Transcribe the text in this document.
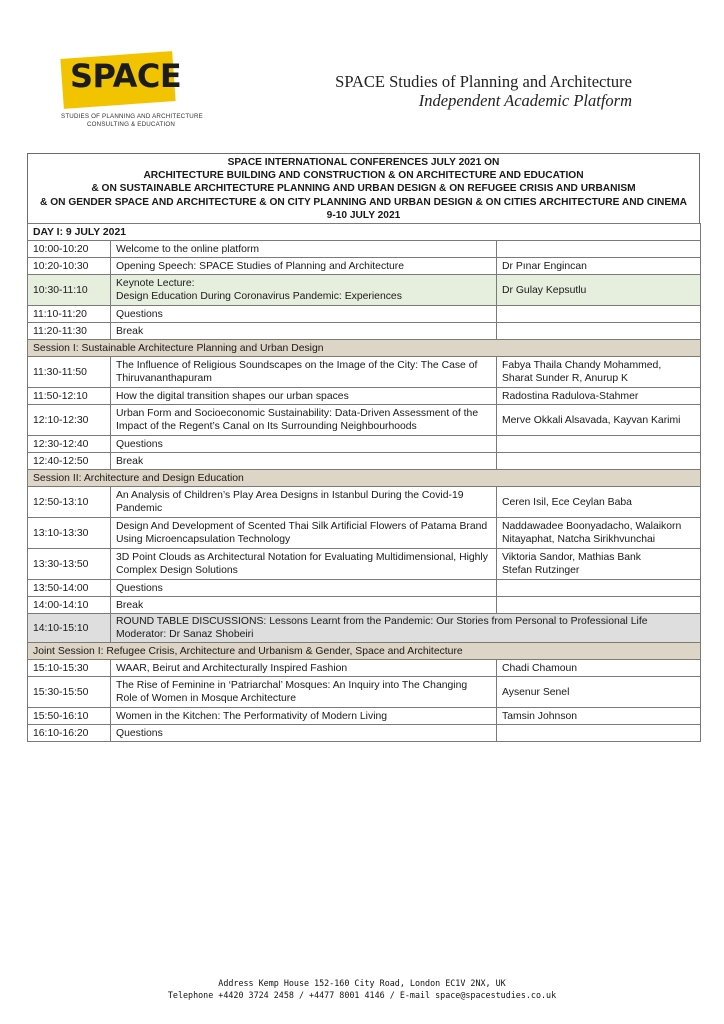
SPACE
STUDIES OF PLANNING AND ARCHITECTURE
CONSULTING & EDUCATION
SPACE Studies of Planning and Architecture
Independent Academic Platform
SPACE INTERNATIONAL CONFERENCES JULY 2021 ON
ARCHITECTURE BUILDING AND CONSTRUCTION & ON ARCHITECTURE AND EDUCATION
& ON SUSTAINABLE ARCHITECTURE PLANNING AND URBAN DESIGN & ON REFUGEE CRISIS AND URBANISM
& ON GENDER SPACE AND ARCHITECTURE & ON CITY PLANNING AND URBAN DESIGN & ON CITIES ARCHITECTURE AND CINEMA
9-10 JULY 2021
DAY I: 9 JULY 2021		
10:00-10:20	Welcome to the online platform	
10:20-10:30	Opening Speech: SPACE Studies of Planning and Architecture	Dr Pınar Engincan
10:30-11:10	Keynote Lecture:
Design Education During Coronavirus Pandemic: Experiences	Dr Gulay Kepsutlu
11:10-11:20	Questions	
11:20-11:30	Break	
Session I: Sustainable Architecture Planning and Urban Design		
11:30-11:50	The Influence of Religious Soundscapes on the Image of the City: The Case of Thiruvananthapuram	Fabya Thaila Chandy Mohammed,
Sharat Sunder R, Anurup K
11:50-12:10	How the digital transition shapes our urban spaces	Radostina Radulova-Stahmer
12:10-12:30	Urban Form and Socioeconomic Sustainability: Data-Driven Assessment of the Impact of the Regent’s Canal on Its Surrounding Neighbourhoods	Merve Okkali Alsavada, Kayvan Karimi
12:30-12:40	Questions	
12:40-12:50	Break	
Session II: Architecture and Design Education		
12:50-13:10	An Analysis of Children’s Play Area Designs in Istanbul During the Covid-19 Pandemic	Ceren Isil, Ece Ceylan Baba
13:10-13:30	Design And Development of Scented Thai Silk Artificial Flowers of Patama Brand Using Microencapsulation Technology	Naddawadee Boonyadacho, Walaikorn Nitayaphat, Natcha Sirikhvunchai
13:30-13:50	3D Point Clouds as Architectural Notation for Evaluating Multidimensional, Highly Complex Design Solutions	Viktoria Sandor, Mathias Bank
Stefan Rutzinger
13:50-14:00	Questions	
14:00-14:10	Break	
14:10-15:10	ROUND TABLE DISCUSSIONS: Lessons Learnt from the Pandemic: Our Stories from Personal to Professional Life
Moderator: Dr Sanaz Shobeiri	
Joint Session I: Refugee Crisis, Architecture and Urbanism & Gender, Space and Architecture		
15:10-15:30	WAAR, Beirut and Architecturally Inspired Fashion	Chadi Chamoun
15:30-15:50	The Rise of Feminine in ‘Patriarchal’ Mosques: An Inquiry into The Changing Role of Women in Mosque Architecture	Aysenur Senel
15:50-16:10	Women in the Kitchen: The Performativity of Modern Living	Tamsin Johnson
16:10-16:20	Questions	
Address Kemp House 152-160 City Road, London EC1V 2NX, UK
Telephone +4420 3724 2458 / +4477 8001 4146 / E-mail space@spacestudies.co.uk
